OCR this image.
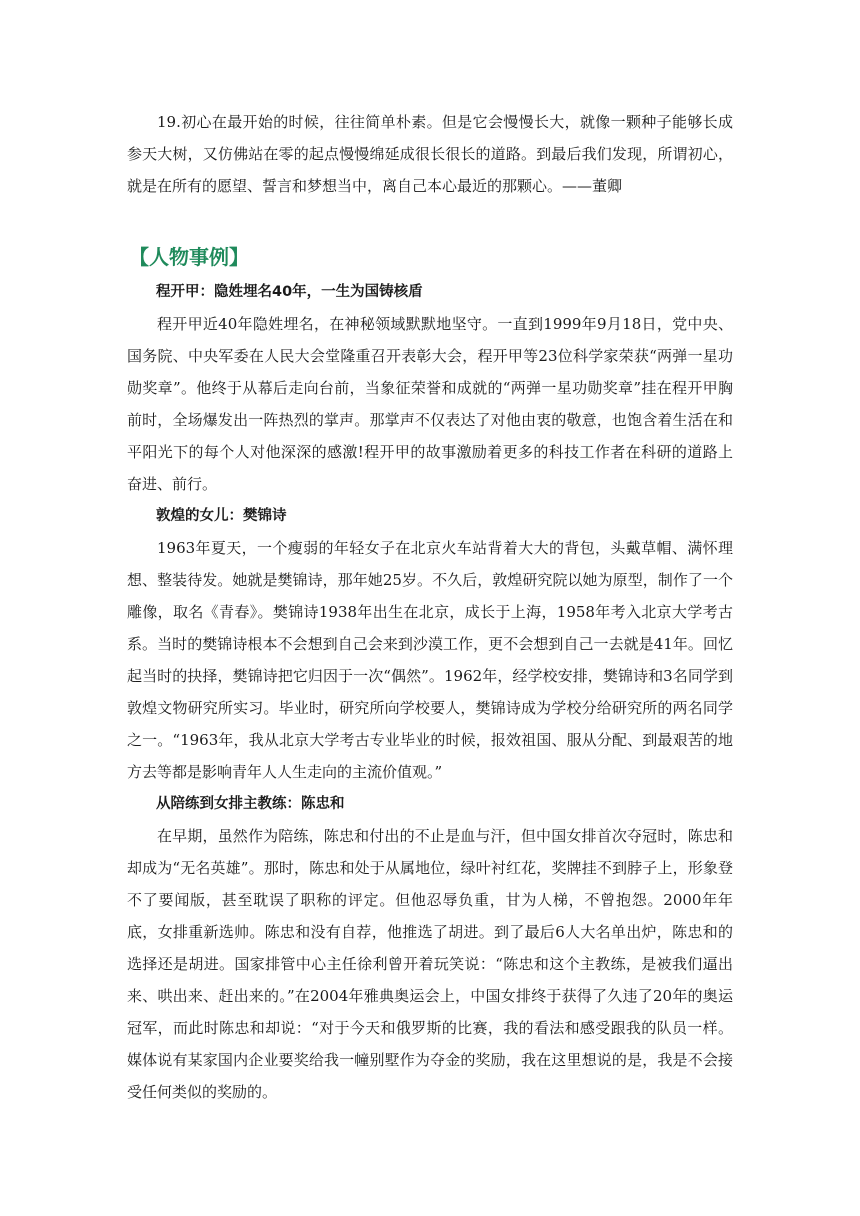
19.初心在最开始的时候，往往简单朴素。但是它会慢慢长大，就像一颗种子能够长成参天大树，又仿佛站在零的起点慢慢绵延成很长很长的道路。到最后我们发现，所谓初心，就是在所有的愿望、誓言和梦想当中，离自己本心最近的那颗心。——董卿

【人物事例】

程开甲：隐姓埋名40年，一生为国铸核盾

程开甲近40年隐姓埋名，在神秘领域默默地坚守。一直到1999年9月18日，党中央、国务院、中央军委在人民大会堂隆重召开表彰大会，程开甲等23位科学家荣获“两弹一星功勋奖章”。他终于从幕后走向台前，当象征荣誉和成就的“两弹一星功勋奖章”挂在程开甲胸前时，全场爆发出一阵热烈的掌声。那掌声不仅表达了对他由衷的敬意，也饱含着生活在和平阳光下的每个人对他深深的感激!程开甲的故事激励着更多的科技工作者在科研的道路上奋进、前行。

敦煌的女儿：樊锦诗

1963年夏天，一个瘦弱的年轻女子在北京火车站背着大大的背包，头戴草帽、满怀理想、整装待发。她就是樊锦诗，那年她25岁。不久后，敦煌研究院以她为原型，制作了一个雕像，取名《青春》。樊锦诗1938年出生在北京，成长于上海，1958年考入北京大学考古系。当时的樊锦诗根本不会想到自己会来到沙漠工作，更不会想到自己一去就是41年。回忆起当时的抉择，樊锦诗把它归因于一次“偶然”。1962年，经学校安排，樊锦诗和3名同学到敦煌文物研究所实习。毕业时，研究所向学校要人，樊锦诗成为学校分给研究所的两名同学之一。“1963年，我从北京大学考古专业毕业的时候，报效祖国、服从分配、到最艰苦的地方去等都是影响青年人人生走向的主流价值观。”

从陪练到女排主教练：陈忠和

在早期，虽然作为陪练，陈忠和付出的不止是血与汗，但中国女排首次夺冠时，陈忠和却成为“无名英雄”。那时，陈忠和处于从属地位，绿叶衬红花，奖牌挂不到脖子上，形象登不了要闻版，甚至耽误了职称的评定。但他忍辱负重，甘为人梯，不曾抱怨。2000年年底，女排重新选帅。陈忠和没有自荐，他推选了胡进。到了最后6人大名单出炉，陈忠和的选择还是胡进。国家排管中心主任徐利曾开着玩笑说：“陈忠和这个主教练，是被我们逼出来、哄出来、赶出来的。”在2004年雅典奥运会上，中国女排终于获得了久违了20年的奥运冠军，而此时陈忠和却说：“对于今天和俄罗斯的比赛，我的看法和感受跟我的队员一样。媒体说有某家国内企业要奖给我一幢别墅作为夺金的奖励，我在这里想说的是，我是不会接受任何类似的奖励的。
